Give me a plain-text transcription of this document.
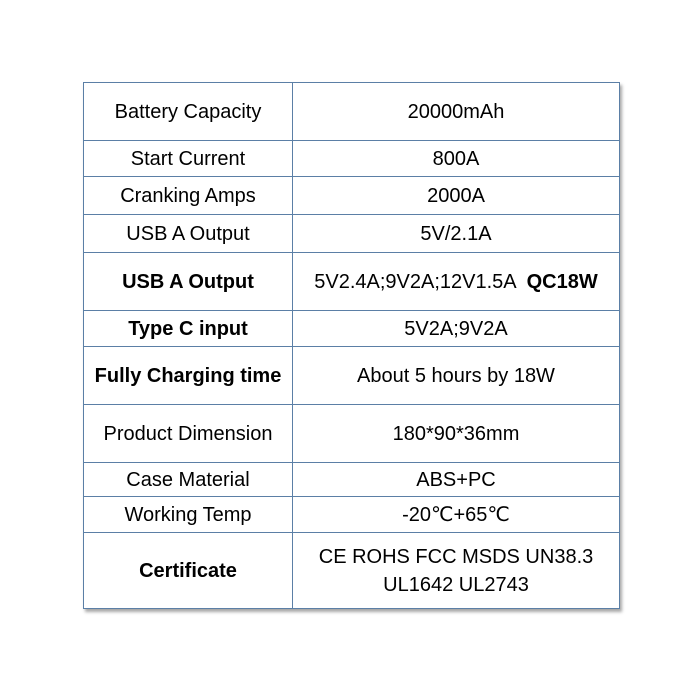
Battery Capacity	20000mAh
Start Current	800A
Cranking Amps	2000A
USB A Output	5V/2.1A
USB A Output	5V2.4A;9V2A;12V1.5A QC18W
Type C input	5V2A;9V2A
Fully Charging time	About 5 hours by 18W
Product Dimension	180*90*36mm
Case Material	ABS+PC
Working Temp	-20℃+65℃
Certificate	CE ROHS FCC MSDS UN38.3
UL1642 UL2743
